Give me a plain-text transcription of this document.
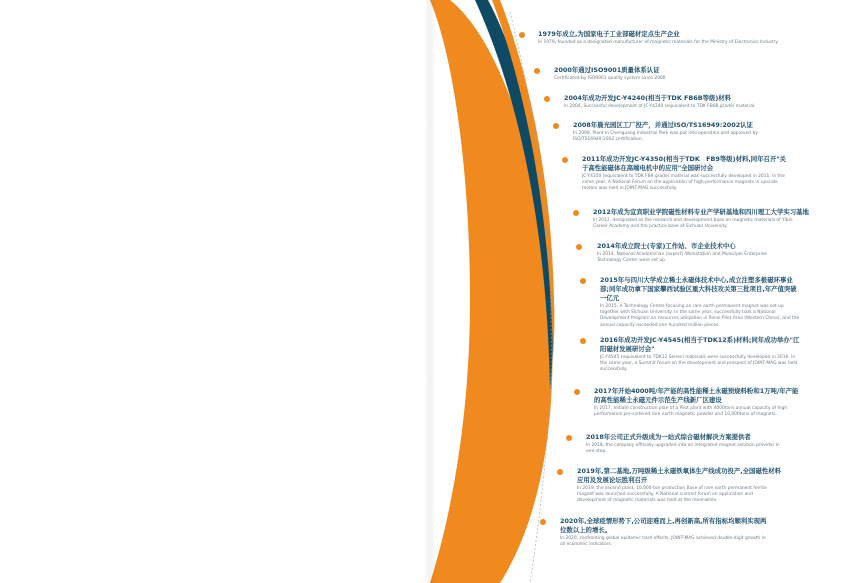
1979年成立,为国家电子工业部磁材定点生产企业
In 1979, founded as a designated manufacturer of magnetic materials for the Ministry of Electronics Industry.
2000年通过ISO9001质量体系认证
Certificated by ISO9001 quality system since 2000
2004年成功开发JC-Y4240(相当于TDK FB6B等级)材料
In 2004, Successful development of JC-Y4240 (equivalent to TDK FB6B grade) material.
2008年晨光园区工厂投产，并通过ISO/TS16949:2002认证
In 2008, Plant in Chenguang Industrial Park was put into operation and approved by ISO/TS16949:2002 certification.
2011年成功开发JC-Y4350(相当于TDK　FB9等级)材料,同年召开"关于高性能磁体在高端电机中的应用"全国研讨会
JC-Y4350 (equivalent to TDK FB9 grade) material was successfully developed in 2011. In the same year, A National Forum on the application of high-performance magnets in upscale motors was held in JOINT-MAG successfully.
2012年成为宜宾职业学院磁性材料专业产学研基地和四川理工大学实习基地
In 2012, designated as the research and development base on magnetic materials of Yibin Career Academy and the practice base of Sichuan University.
2014年成立院士(专家)工作站、市企业技术中心
In 2014, National Academician (expert) Workstation and Municiple Enterprise Technology Center were set up.
2015年与四川大学成立稀土永磁体技术中心,成立注塑多极磁环事业部;同年成功拿下国家攀西试验区重大科技攻关第三批项目,年产值突破一亿元
In 2015, A Technology Center focusing on rare earth permanent magnet was set up together with Sichuan University. In the same year, successfully took a National Development Program on resources utilization in Panxi Pilot Area (Western China), and the annual capacity exceeded one hundred million pieces.
2016年成功开发JC-Y4545(相当于TDK12系)材料;同年成功举办"江阳磁材发展研讨会"
JC-Y4545 (equivalent to TDK12 Series) materials were successfully developed in 2016. In the same year, a Summit forum on the development and prospect of JOINT-MAG was held successfully.
2017年开始4000吨/年产能的高性能稀土永磁预烧料粉和1万吨/年产能的高性能稀土永磁元件示范生产线新厂区建设
In 2017, Initiate construction plan of a Pilot plant with 4000tons annual capacity of high performance pre-sintered rare earth magnetic powder and 10,000tons of magnets.
2018年公司正式升级成为一站式综合磁材解决方案提供者
In 2018, the company officially upgraded into an integrated magnet solution provider in one-stop.
2019年,第二基地,万吨级稀土永磁铁氧体生产线成功投产,全国磁性材料应用及发展论坛胜利召开
In 2019, the second plant, 10,000-ton production Base of rare earth permanent ferrite magnet was launched successfully. A National summit forum on application and development of magnetic materials was held at the meanwhile.
2020年,全球疫情形势下,公司迎难而上,再创新高,所有指标均顺利实现两位数以上的增长。
In 2020, confronting global epidemic hard effects, JOINT-MAG achieved double-digit growth in all economic indicators.
